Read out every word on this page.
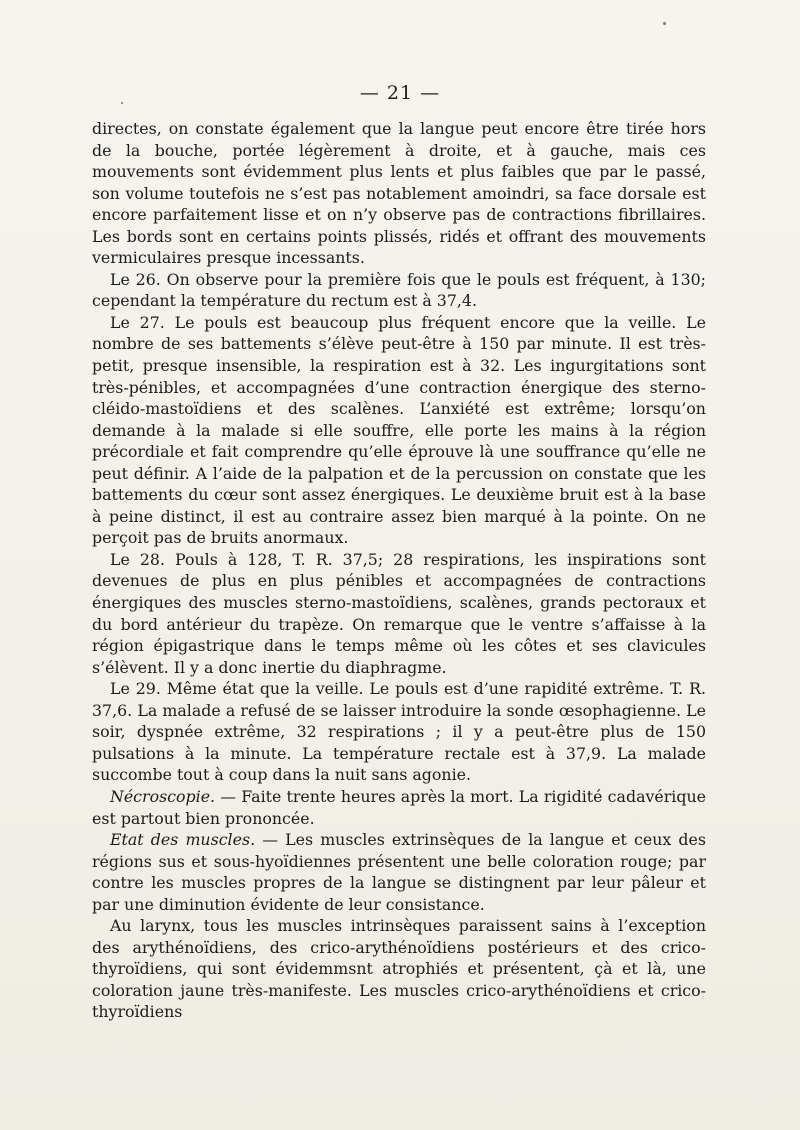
— 21 —

directes, on constate également que la langue peut encore être tirée hors de la bouche, portée légèrement à droite, et à gauche, mais ces mouvements sont évidemment plus lents et plus faibles que par le passé, son volume toutefois ne s’est pas notablement amoindri, sa face dorsale est encore parfaitement lisse et on n’y observe pas de contractions fibrillaires. Les bords sont en certains points plissés, ridés et offrant des mouvements vermiculaires presque incessants.

Le 26. On observe pour la première fois que le pouls est fréquent, à 130; cependant la température du rectum est à 37,4.

Le 27. Le pouls est beaucoup plus fréquent encore que la veille. Le nombre de ses battements s’élève peut-être à 150 par minute. Il est très-petit, presque insensible, la respiration est à 32. Les ingurgitations sont très-pénibles, et accompagnées d’une contraction énergique des sterno-cléido-mastoïdiens et des scalènes. L’anxiété est extrême; lorsqu’on demande à la malade si elle souffre, elle porte les mains à la région précordiale et fait comprendre qu’elle éprouve là une souffrance qu’elle ne peut définir. A l’aide de la palpation et de la percussion on constate que les battements du cœur sont assez énergiques. Le deuxième bruit est à la base à peine distinct, il est au contraire assez bien marqué à la pointe. On ne perçoit pas de bruits anormaux.

Le 28. Pouls à 128, T. R. 37,5; 28 respirations, les inspirations sont devenues de plus en plus pénibles et accompagnées de contractions énergiques des muscles sterno-mastoïdiens, scalènes, grands pectoraux et du bord antérieur du trapèze. On remarque que le ventre s’affaisse à la région épigastrique dans le temps même où les côtes et ses clavicules s’élèvent. Il y a donc inertie du diaphragme.

Le 29. Même état que la veille. Le pouls est d’une rapidité extrême. T. R. 37,6. La malade a refusé de se laisser introduire la sonde œsophagienne. Le soir, dyspnée extrême, 32 respirations ; il y a peut-être plus de 150 pulsations à la minute. La température rectale est à 37,9. La malade succombe tout à coup dans la nuit sans agonie.

Nécroscopie. — Faite trente heures après la mort. La rigidité cadavérique est partout bien prononcée.

Etat des muscles. — Les muscles extrinsèques de la langue et ceux des régions sus et sous-hyoïdiennes présentent une belle coloration rouge; par contre les muscles propres de la langue se distingnent par leur pâleur et par une diminution évidente de leur consistance.

Au larynx, tous les muscles intrinsèques paraissent sains à l’exception des arythénoïdiens, des crico-arythénoïdiens postérieurs et des crico-thyroïdiens, qui sont évidemmsnt atrophiés et présentent, çà et là, une coloration jaune très-manifeste. Les muscles crico-arythénoïdiens et crico-thyroïdiens
